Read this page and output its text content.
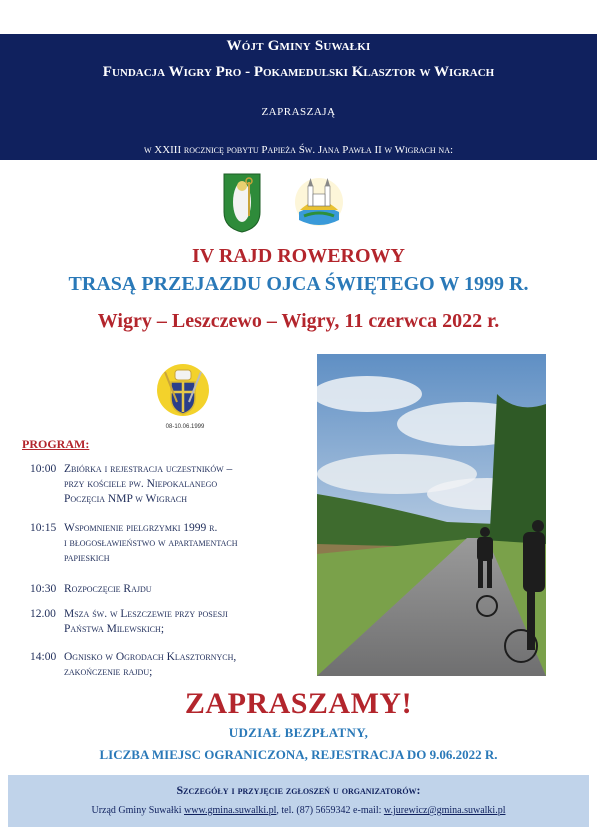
Wójt Gminy Suwałki
Fundacja Wigry Pro - Pokamedulski Klasztor w Wigrach
ZAPRASZAJĄ
w XXIII rocznicę pobytu Papieża Św. Jana Pawła II w Wigrach na:
IV RAJD ROWEROWY
TRASĄ PRZEJAZDU OJCA ŚWIĘTEGO W 1999 R.
Wigry – Leszczewo – Wigry, 11 czerwca 2022 r.
08-10.06.1999
PROGRAM:
10:00 Zbiórka i rejestracja uczestników –
przy kościele pw. Niepokalanego
Poczęcia NMP w Wigrach
10:15 Wspomnienie pielgrzymki 1999 r.
i błogosławieństwo w apartamentach
papieskich
10:30 Rozpoczęcie Rajdu
12.00 Msza św. w Leszczewie przy posesji
Państwa Milewskich;
14:00 Ognisko w Ogrodach Klasztornych,
zakończenie rajdu;
ZAPRASZAMY!
UDZIAŁ BEZPŁATNY,
LICZBA MIEJSC OGRANICZONA, REJESTRACJA DO 9.06.2022 R.
Szczegóły i przyjęcie zgłoszeń u organizatorów:
Urząd Gminy Suwałki www.gmina.suwalki.pl, tel. (87) 5659342 e-mail: w.jurewicz@gmina.suwalki.pl
